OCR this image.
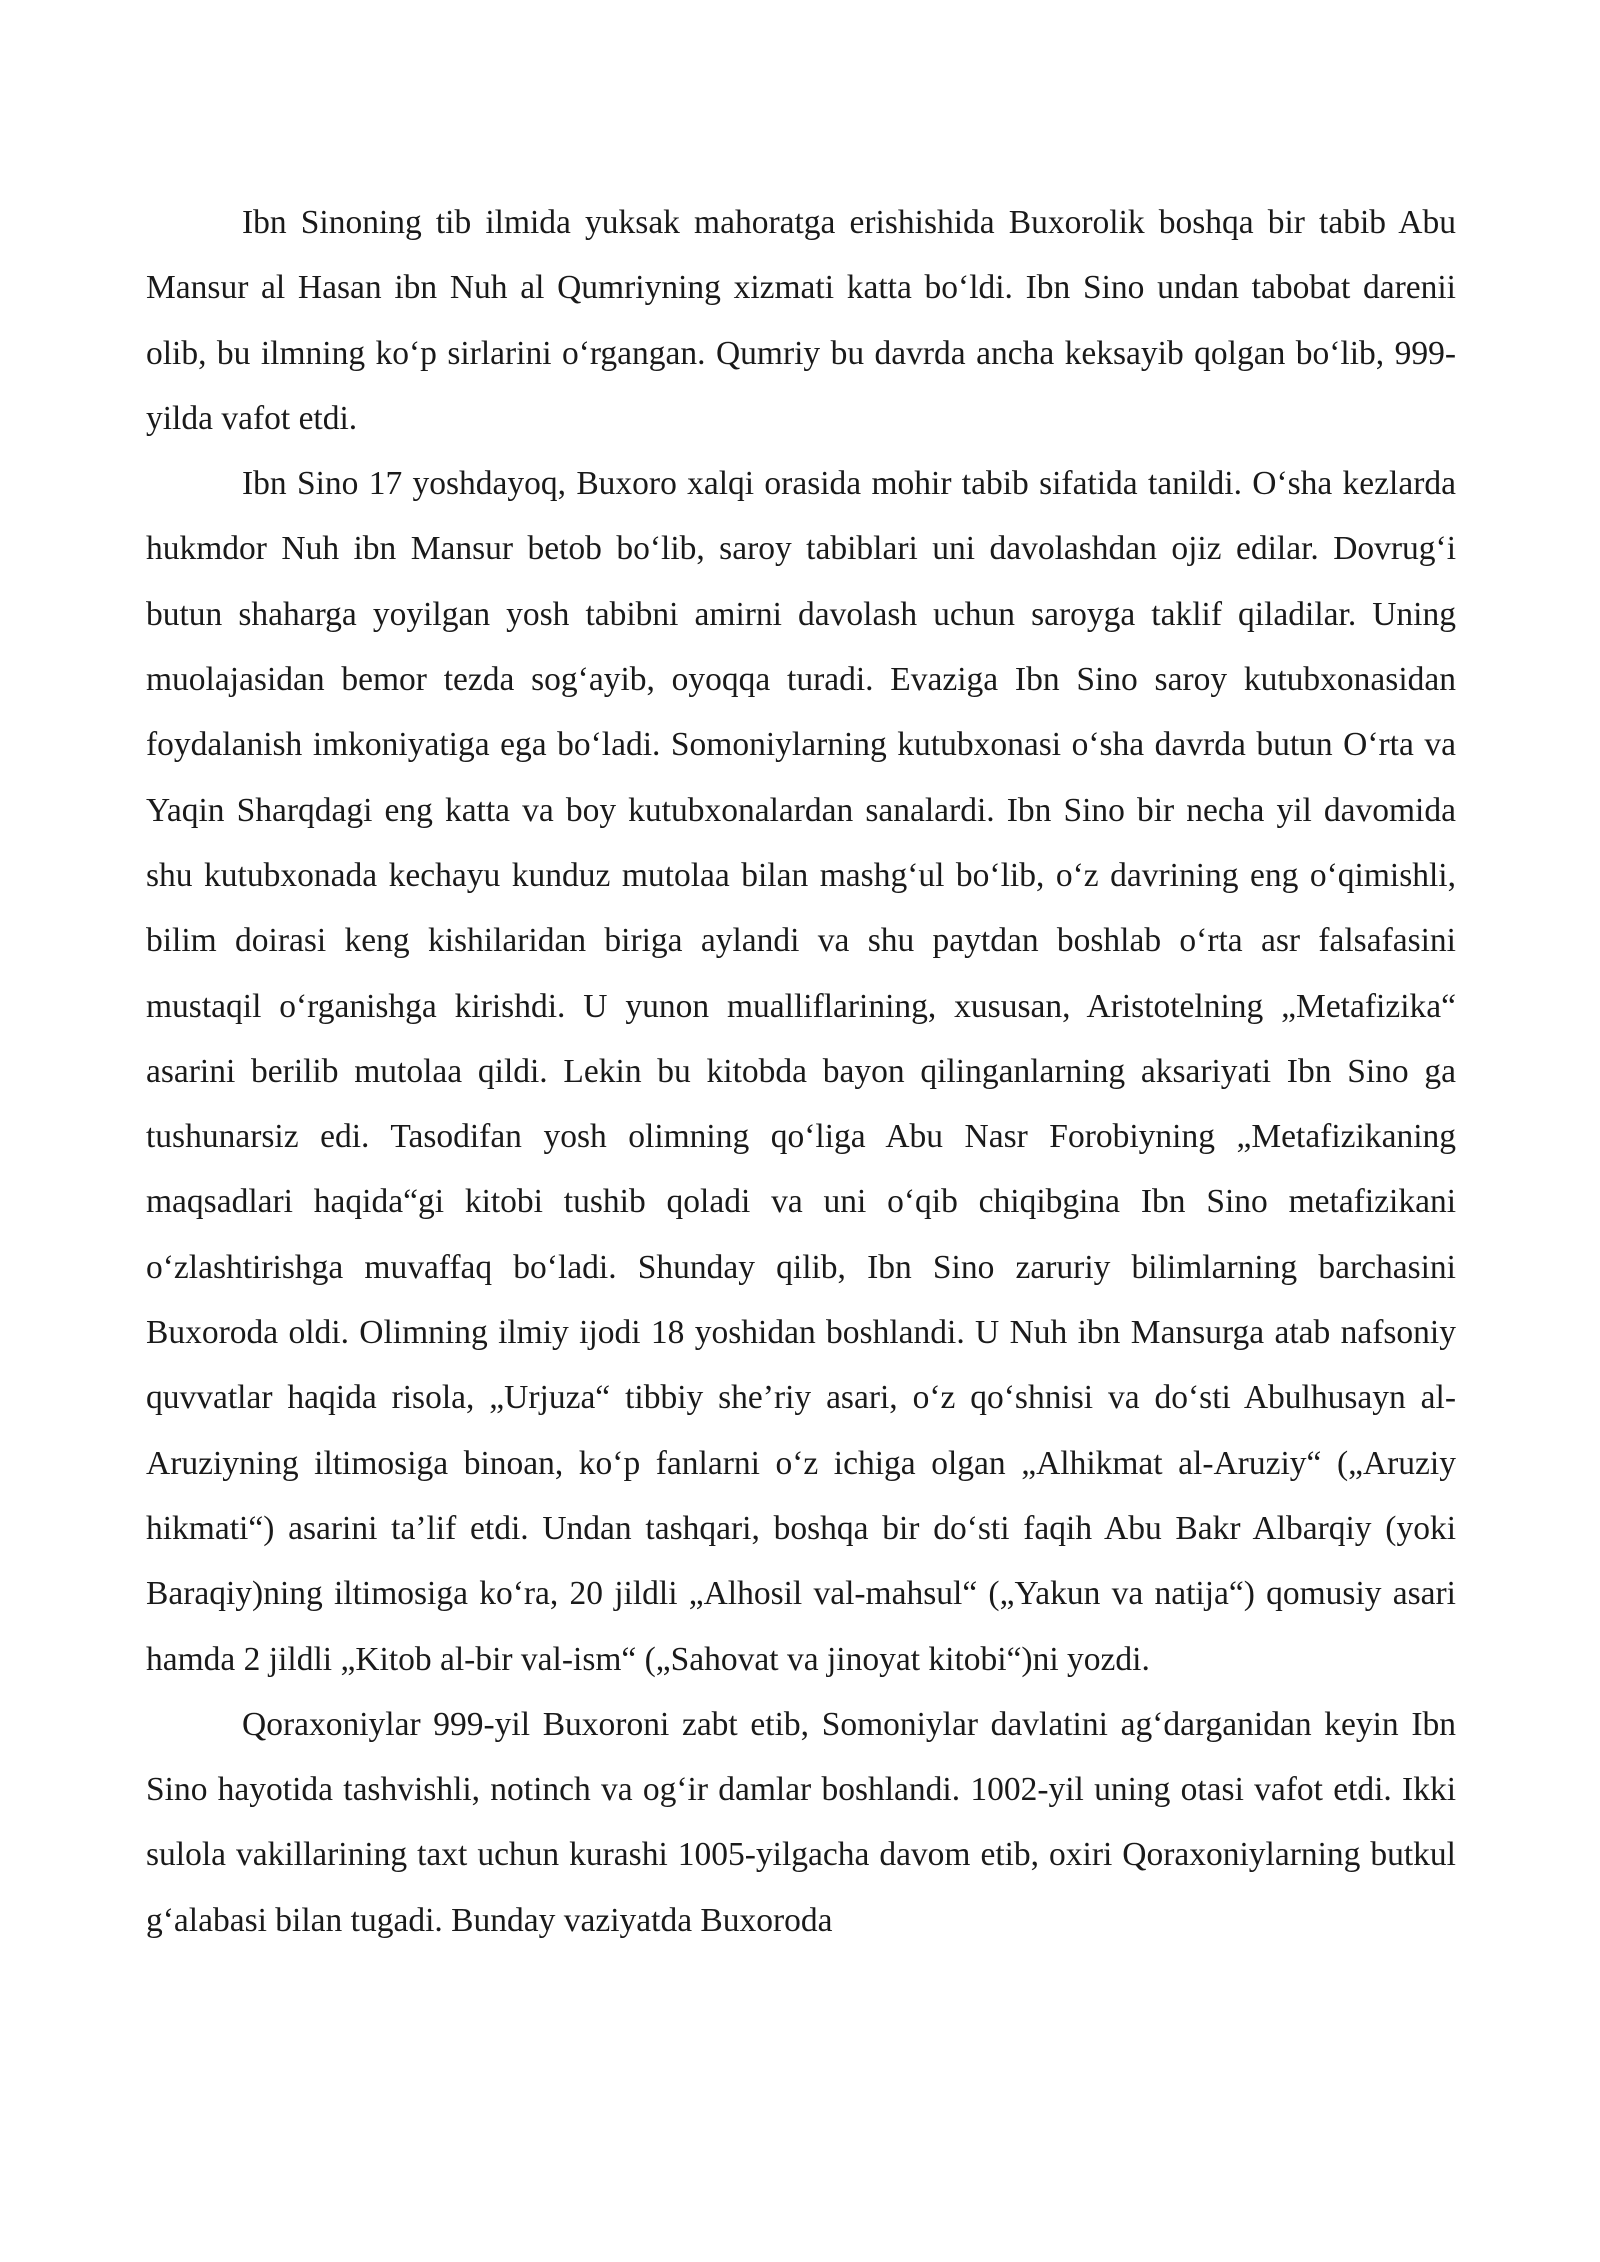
Ibn Sinoning tib ilmida yuksak mahoratga erishishida Buxorolik boshqa bir tabib Abu Mansur al Hasan ibn Nuh al Qumriyning xizmati katta bo‘ldi. Ibn Sino undan tabobat darenii olib, bu ilmning ko‘p sirlarini o‘rgangan. Qumriy bu davrda ancha keksayib qolgan bo‘lib, 999-yilda vafot etdi.

Ibn Sino 17 yoshdayoq, Buxoro xalqi orasida mohir tabib sifatida tanildi. O‘sha kezlarda hukmdor Nuh ibn Mansur betob bo‘lib, saroy tabiblari uni davolashdan ojiz edilar. Dovrug‘i butun shaharga yoyilgan yosh tabibni amirni davolash uchun saroyga taklif qiladilar. Uning muolajasidan bemor tezda sog‘ayib, oyoqqa turadi. Evaziga Ibn Sino saroy kutubxonasidan foydalanish imkoniyatiga ega bo‘ladi. Somoniylarning kutubxonasi o‘sha davrda butun O‘rta va Yaqin Sharqdagi eng katta va boy kutubxonalardan sanalardi. Ibn Sino bir necha yil davomida shu kutubxonada kechayu kunduz mutolaa bilan mashg‘ul bo‘lib, o‘z davrining eng o‘qimishli, bilim doirasi keng kishilaridan biriga aylandi va shu paytdan boshlab o‘rta asr falsafasini mustaqil o‘rganishga kirishdi. U yunon mualliflarining, xususan, Aristotelning „Metafizika“ asarini berilib mutolaa qildi. Lekin bu kitobda bayon qilinganlarning aksariyati Ibn Sino ga tushunarsiz edi. Tasodifan yosh olimning qo‘liga Abu Nasr Forobiyning „Metafizikaning maqsadlari haqida“gi kitobi tushib qoladi va uni o‘qib chiqibgina Ibn Sino metafizikani o‘zlashtirishga muvaffaq bo‘ladi. Shunday qilib, Ibn Sino zaruriy bilimlarning barchasini Buxoroda oldi. Olimning ilmiy ijodi 18 yoshidan boshlandi. U Nuh ibn Mansurga atab nafsoniy quvvatlar haqida risola, „Urjuza“ tibbiy she’riy asari, o‘z qo‘shnisi va do‘sti Abulhusayn al-Aruziyning iltimosiga binoan, ko‘p fanlarni o‘z ichiga olgan „Alhikmat al-Aruziy“ („Aruziy hikmati“) asarini ta’lif etdi. Undan tashqari, boshqa bir do‘sti faqih Abu Bakr Albarqiy (yoki Baraqiy)ning iltimosiga ko‘ra, 20 jildli „Alhosil val-mahsul“ („Yakun va natija“) qomusiy asari hamda 2 jildli „Kitob al-bir val-ism“ („Sahovat va jinoyat kitobi“)ni yozdi.

Qoraxoniylar 999-yil Buxoroni zabt etib, Somoniylar davlatini ag‘darganidan keyin Ibn Sino hayotida tashvishli, notinch va og‘ir damlar boshlandi. 1002-yil uning otasi vafot etdi. Ikki sulola vakillarining taxt uchun kurashi 1005-yilgacha davom etib, oxiri Qoraxoniylarning butkul g‘alabasi bilan tugadi. Bunday vaziyatda Buxoroda
